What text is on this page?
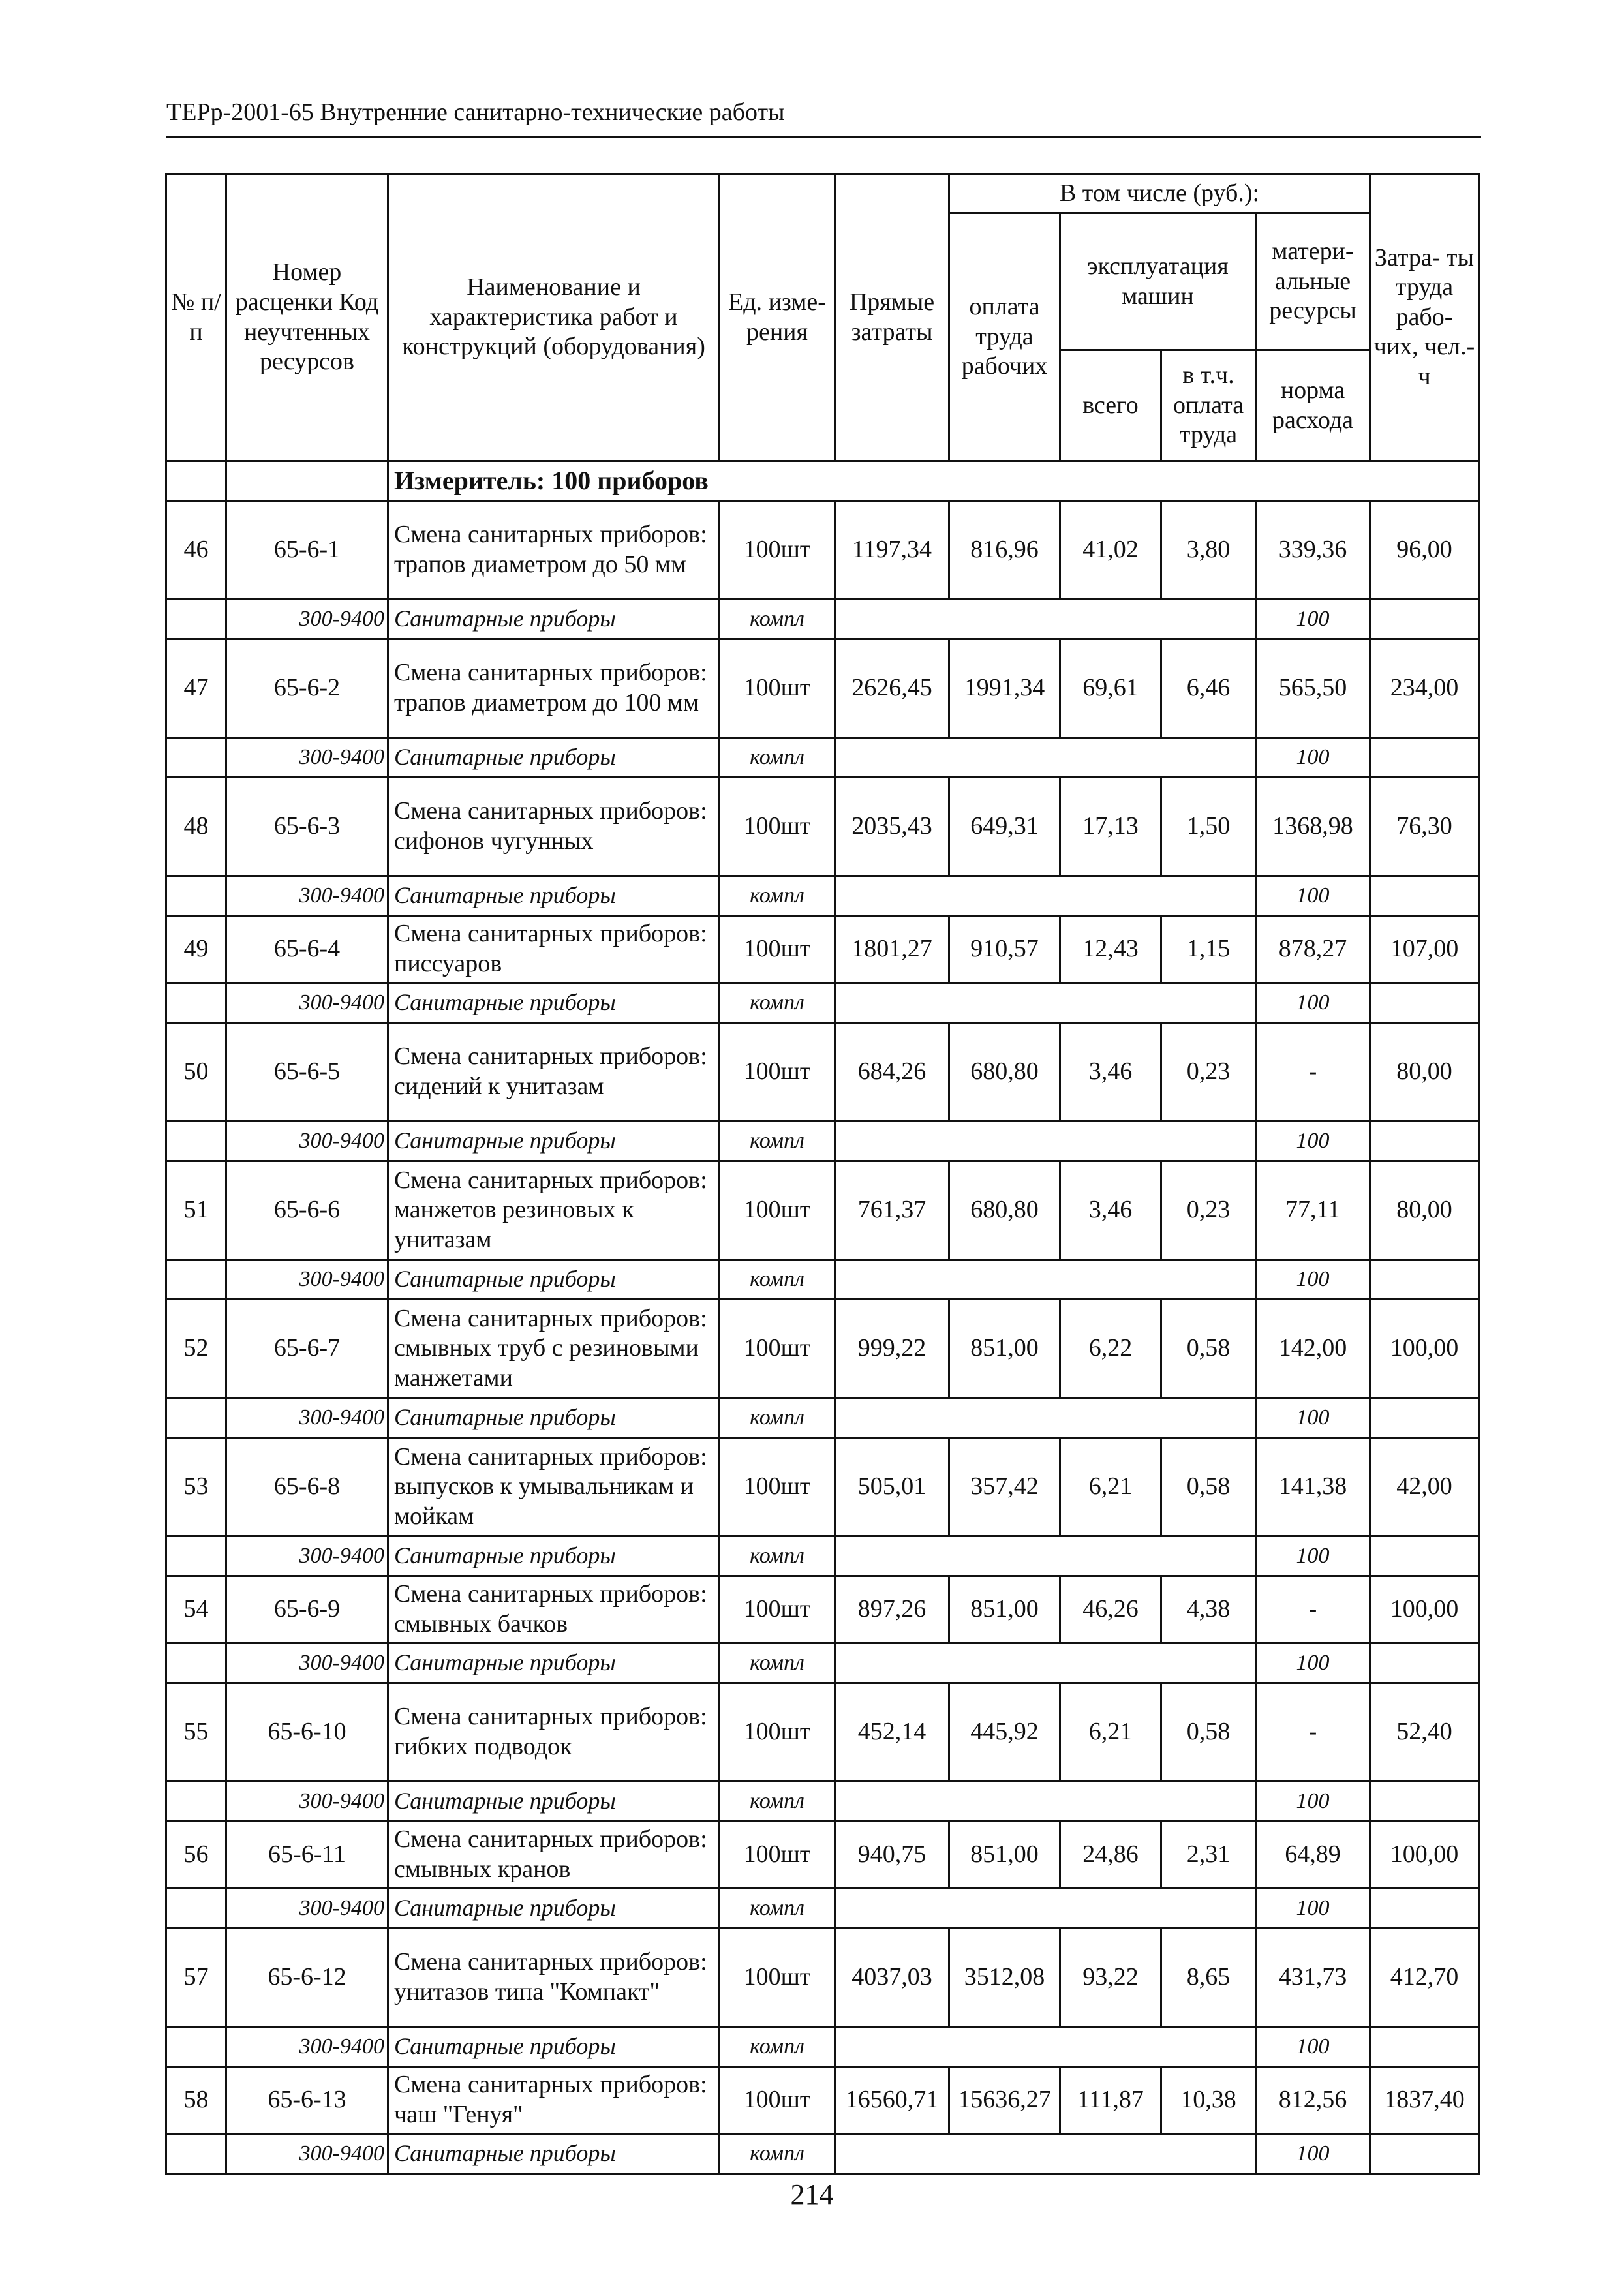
ТЕРр-2001-65 Внутренние санитарно-технические работы
№ п/п	Номер расценки Код неучтенных ресурсов	Наименование и характеристика работ и конструкций (оборудования)	Ед. изме- рения	Прямые затраты	В том числе (руб.):				Затра- ты труда рабо- чих, чел.-ч
					оплата труда рабочих	эксплуатация машин		матери- альные ресурсы	
						всего	в т.ч. оплата труда	норма расхода	
		Измеритель: 100 приборов							
46	65-6-1	Смена санитарных приборов: трапов диаметром до 50 мм	100шт	1197,34	816,96	41,02	3,80	339,36	96,00
	300-9400	Санитарные приборы	компл					100	
47	65-6-2	Смена санитарных приборов: трапов диаметром до 100 мм	100шт	2626,45	1991,34	69,61	6,46	565,50	234,00
	300-9400	Санитарные приборы	компл					100	
48	65-6-3	Смена санитарных приборов: сифонов чугунных	100шт	2035,43	649,31	17,13	1,50	1368,98	76,30
	300-9400	Санитарные приборы	компл					100	
49	65-6-4	Смена санитарных приборов: писсуаров	100шт	1801,27	910,57	12,43	1,15	878,27	107,00
	300-9400	Санитарные приборы	компл					100	
50	65-6-5	Смена санитарных приборов: сидений к унитазам	100шт	684,26	680,80	3,46	0,23	-	80,00
	300-9400	Санитарные приборы	компл					100	
51	65-6-6	Смена санитарных приборов: манжетов резиновых к унитазам	100шт	761,37	680,80	3,46	0,23	77,11	80,00
	300-9400	Санитарные приборы	компл					100	
52	65-6-7	Смена санитарных приборов: смывных труб с резиновыми манжетами	100шт	999,22	851,00	6,22	0,58	142,00	100,00
	300-9400	Санитарные приборы	компл					100	
53	65-6-8	Смена санитарных приборов: выпусков к умывальникам и мойкам	100шт	505,01	357,42	6,21	0,58	141,38	42,00
	300-9400	Санитарные приборы	компл					100	
54	65-6-9	Смена санитарных приборов: смывных бачков	100шт	897,26	851,00	46,26	4,38	-	100,00
	300-9400	Санитарные приборы	компл					100	
55	65-6-10	Смена санитарных приборов: гибких подводок	100шт	452,14	445,92	6,21	0,58	-	52,40
	300-9400	Санитарные приборы	компл					100	
56	65-6-11	Смена санитарных приборов: смывных кранов	100шт	940,75	851,00	24,86	2,31	64,89	100,00
	300-9400	Санитарные приборы	компл					100	
57	65-6-12	Смена санитарных приборов: унитазов типа "Компакт"	100шт	4037,03	3512,08	93,22	8,65	431,73	412,70
	300-9400	Санитарные приборы	компл					100	
58	65-6-13	Смена санитарных приборов: чаш "Генуя"	100шт	16560,71	15636,27	111,87	10,38	812,56	1837,40
	300-9400	Санитарные приборы	компл					100	
214
